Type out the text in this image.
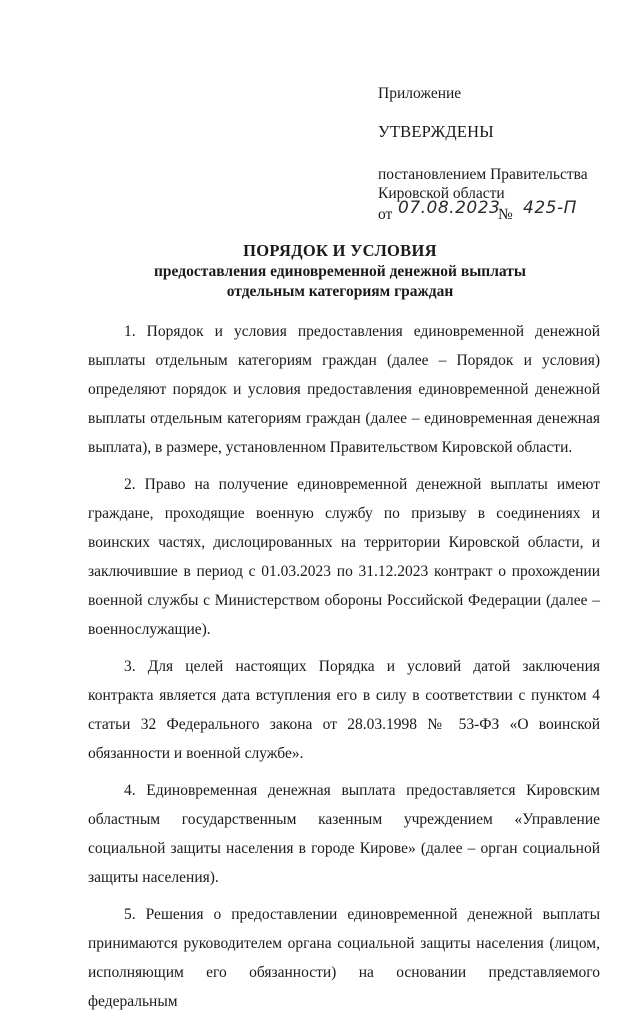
Приложение

УТВЕРЖДЕНЫ

постановлением Правительства

Кировской области

от 07.08.2023
№ 425-П

ПОРЯДОК И УСЛОВИЯ

предоставления единовременной денежной выплаты

отдельным категориям граждан

1. Порядок и условия предоставления единовременной денежной выплаты отдельным категориям граждан (далее – Порядок и условия) определяют порядок и условия предоставления единовременной денежной выплаты отдельным категориям граждан (далее – единовременная денежная выплата), в размере, установленном Правительством Кировской области.

2. Право на получение единовременной денежной выплаты имеют граждане, проходящие военную службу по призыву в соединениях и воинских частях, дислоцированных на территории Кировской области, и заключившие в период с 01.03.2023 по 31.12.2023 контракт о прохождении военной службы с Министерством обороны Российской Федерации (далее – военнослужащие).

3. Для целей настоящих Порядка и условий датой заключения контракта является дата вступления его в силу в соответствии с пунктом 4 статьи 32 Федерального закона от 28.03.1998 № 53-ФЗ «О воинской обязанности и военной службе».

4. Единовременная денежная выплата предоставляется Кировским областным государственным казенным учреждением «Управление социальной защиты населения в городе Кирове» (далее – орган социальной защиты населения).

5. Решения о предоставлении единовременной денежной выплаты принимаются руководителем органа социальной защиты населения (лицом, исполняющим его обязанности) на основании представляемого федеральным
